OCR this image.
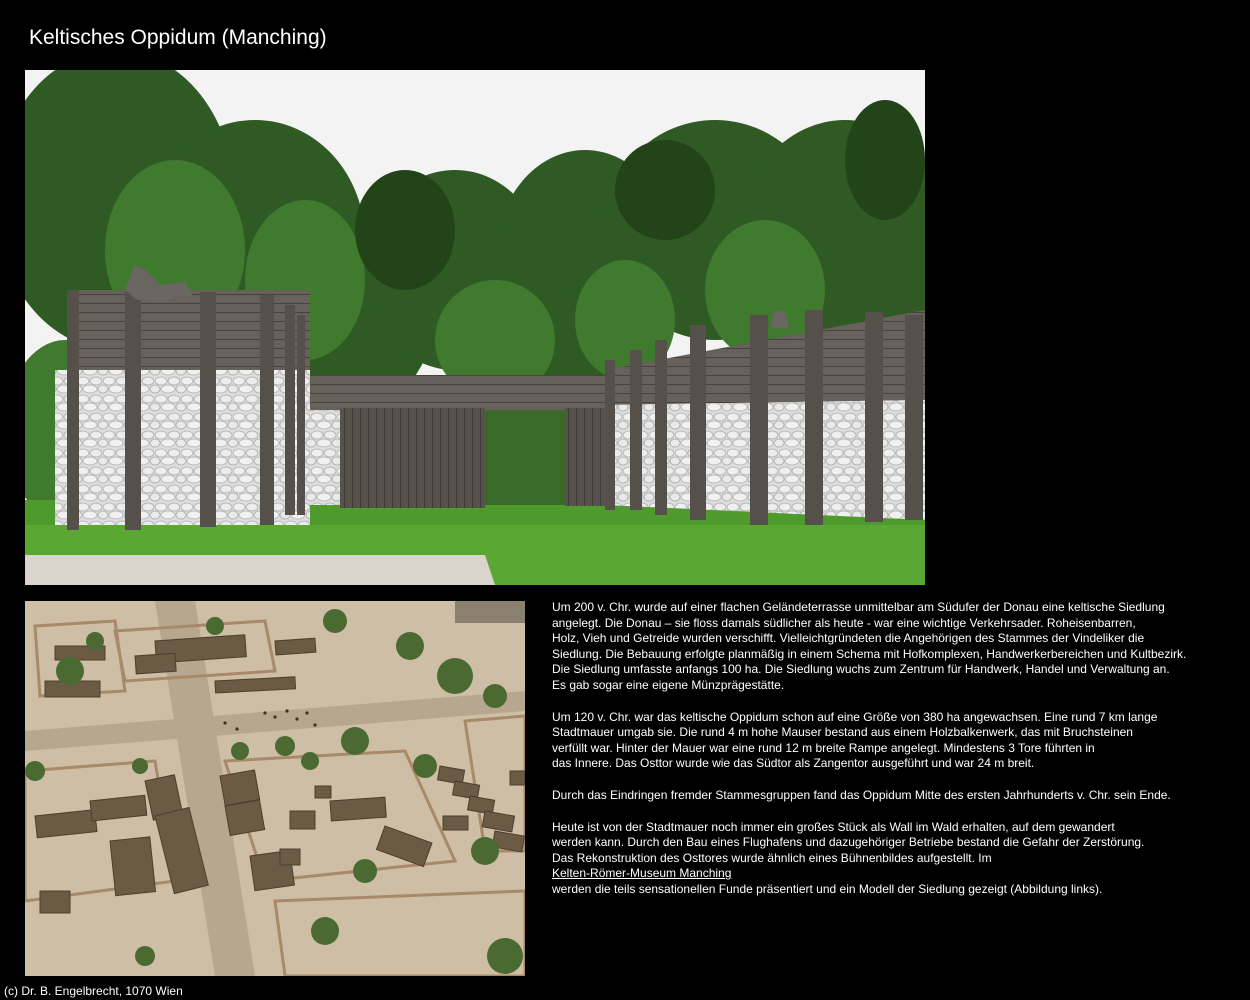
Keltisches Oppidum (Manching)

Um 200 v. Chr. wurde auf einer flachen Geländeterrasse unmittelbar am Südufer der Donau eine keltische Siedlung
angelegt. Die Donau – sie floss damals südlicher als heute - war eine wichtige Verkehrsader. Roheisenbarren,
Holz, Vieh und Getreide wurden verschifft. Vielleichtgründeten die Angehörigen des Stammes der Vindeliker die
Siedlung. Die Bebauung erfolgte planmäßig in einem Schema mit Hofkomplexen, Handwerkerbereichen und Kultbezirk.
Die Siedlung umfasste anfangs 100 ha. Die Siedlung wuchs zum Zentrum für Handwerk, Handel und Verwaltung an.
Es gab sogar eine eigene Münzprägestätte.

Um 120 v. Chr. war das keltische Oppidum schon auf eine Größe von 380 ha angewachsen. Eine rund 7 km lange
Stadtmauer umgab sie. Die rund 4 m hohe Mauser bestand aus einem Holzbalkenwerk, das mit Bruchsteinen
verfüllt war. Hinter der Mauer war eine rund 12 m breite Rampe angelegt. Mindestens 3 Tore führten in
das Innere. Das Osttor wurde wie das Südtor als Zangentor ausgeführt und war 24 m breit.

Durch das Eindringen fremder Stammesgruppen fand das Oppidum Mitte des ersten Jahrhunderts v. Chr. sein Ende.

Heute ist von der Stadtmauer noch immer ein großes Stück als Wall im Wald erhalten, auf dem gewandert
werden kann. Durch den Bau eines Flughafens und dazugehöriger Betriebe bestand die Gefahr der Zerstörung.
Das Rekonstruktion des Osttores wurde ähnlich eines Bühnenbildes aufgestellt. Im
Kelten-Römer-Museum Manching
werden die teils sensationellen Funde präsentiert und ein Modell der Siedlung gezeigt (Abbildung links).

(c) Dr. B. Engelbrecht, 1070 Wien
